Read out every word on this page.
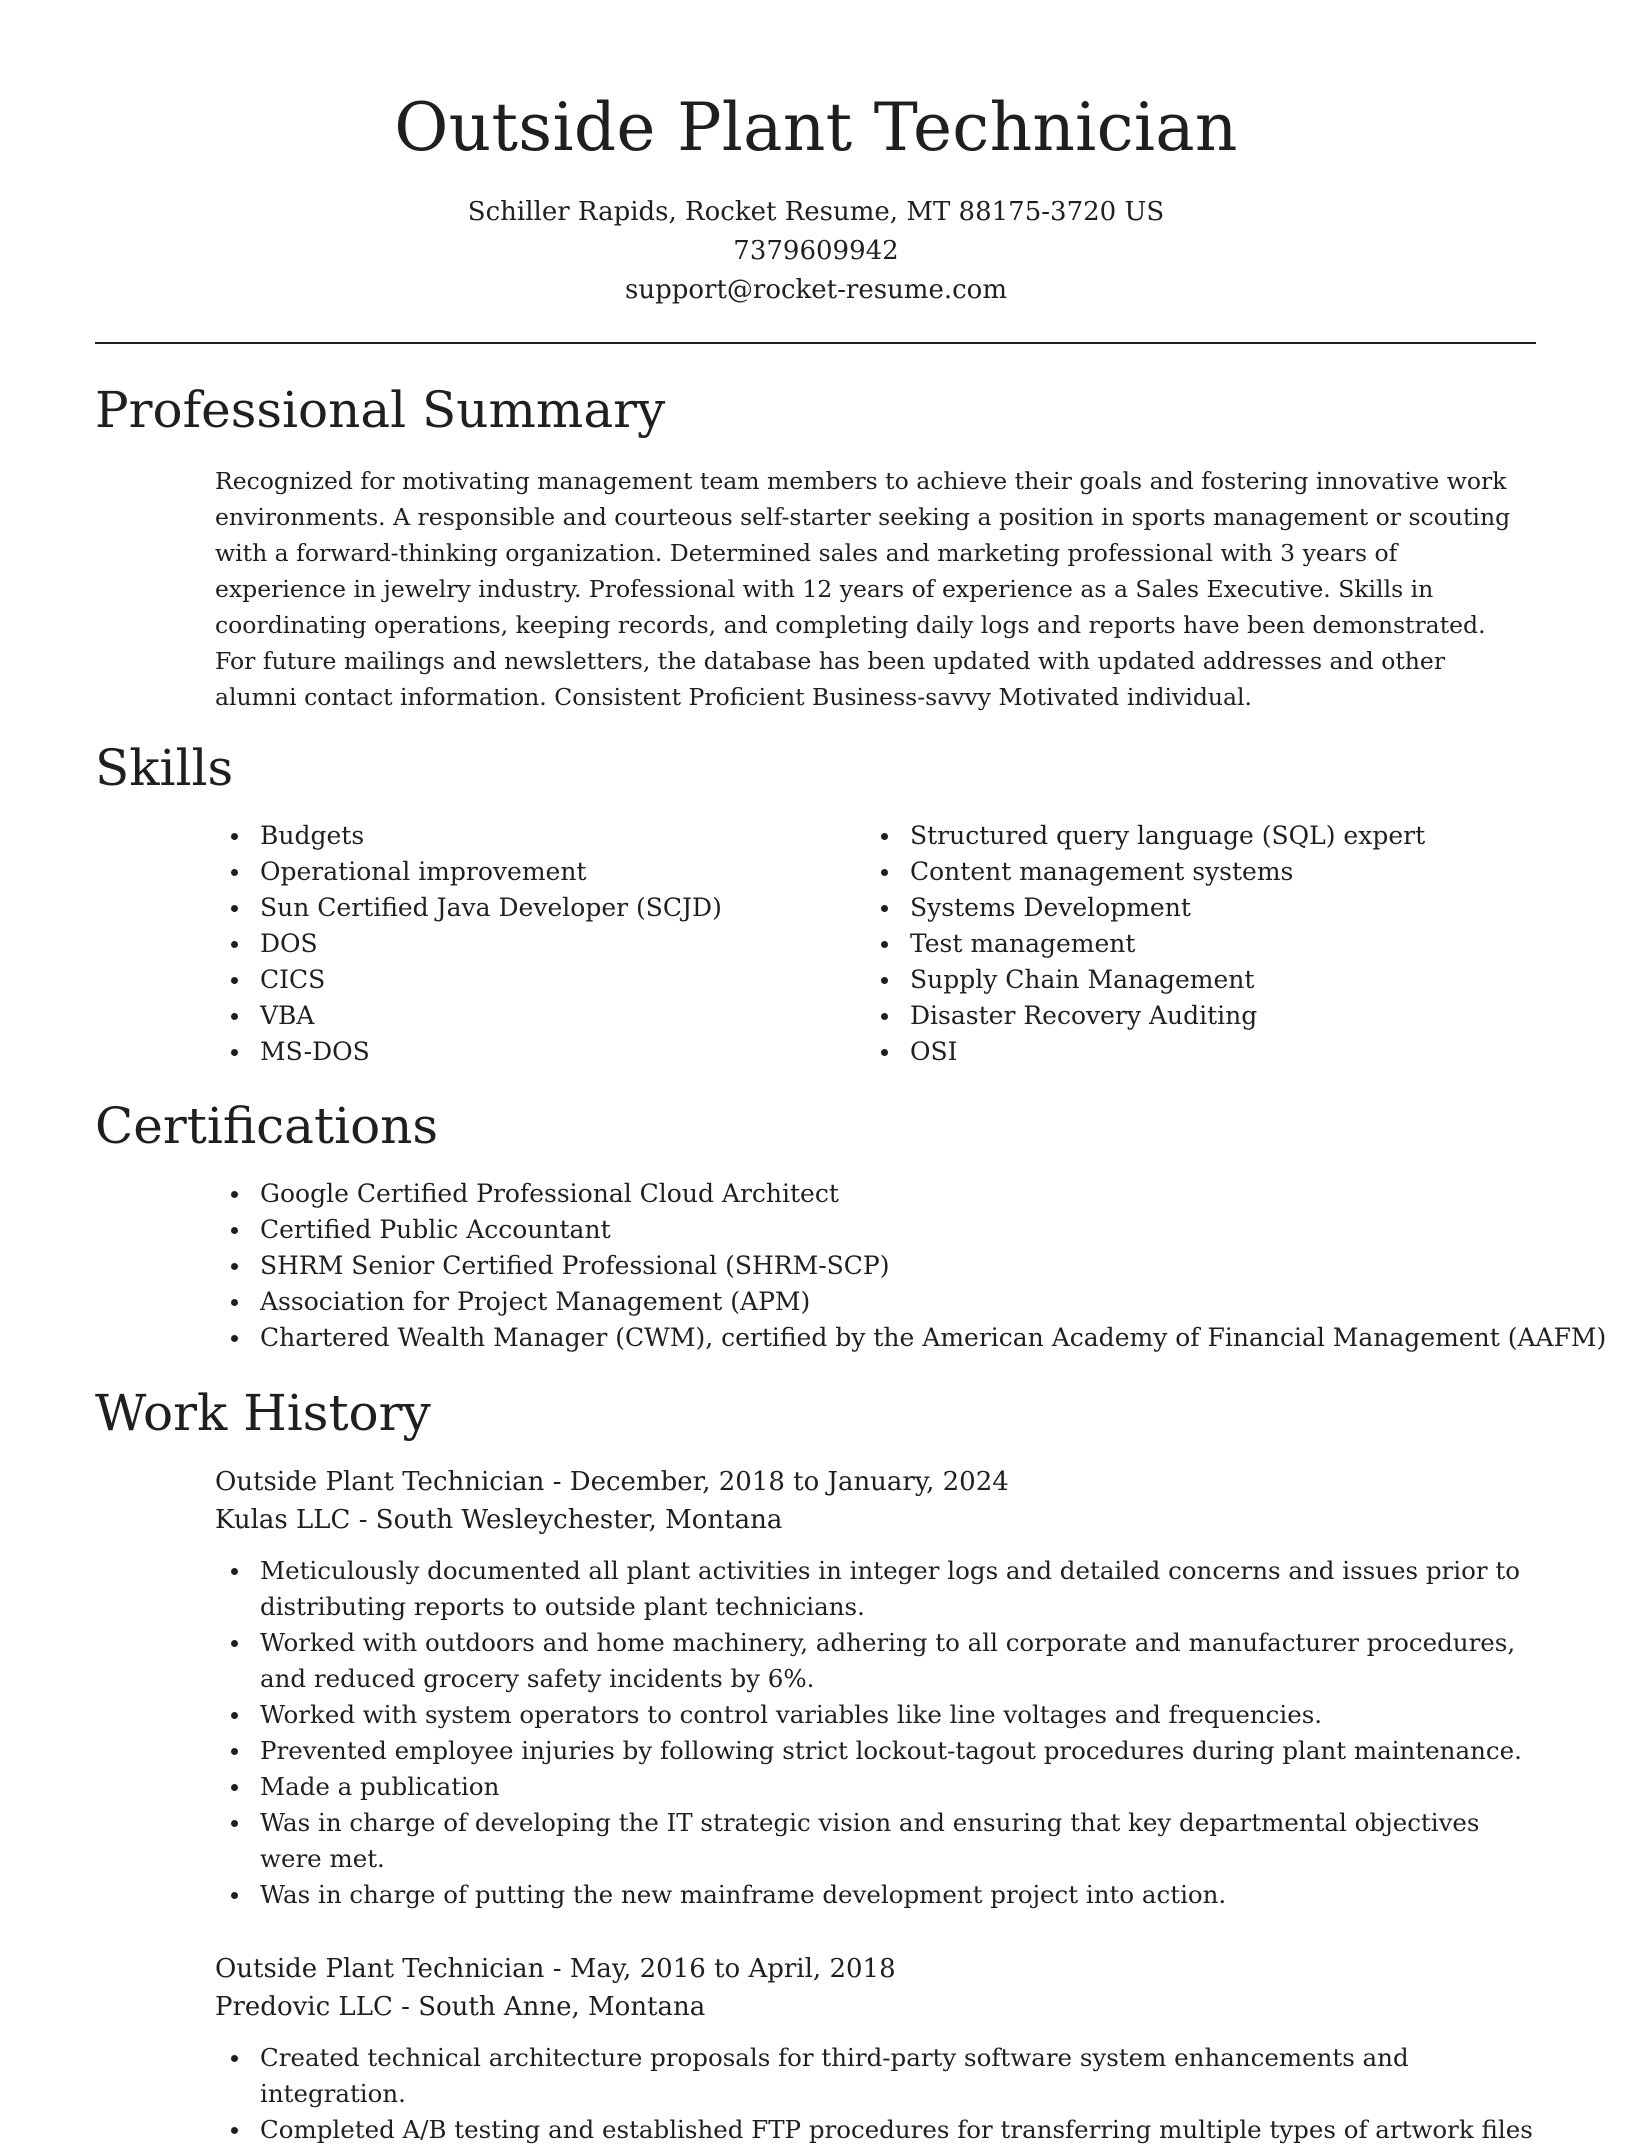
Outside Plant Technician
Schiller Rapids, Rocket Resume, MT 88175-3720 US
7379609942
support@rocket-resume.com
Professional Summary

Recognized for motivating management team members to achieve their goals and fostering innovative work environments. A responsible and courteous self-starter seeking a position in sports management or scouting with a forward-thinking organization. Determined sales and marketing professional with 3 years of experience in jewelry industry. Professional with 12 years of experience as a Sales Executive. Skills in coordinating operations, keeping records, and completing daily logs and reports have been demonstrated. For future mailings and newsletters, the database has been updated with updated addresses and other alumni contact information. Consistent Proficient Business-savvy Motivated individual.

Skills
Budgets
Operational improvement
Sun Certified Java Developer (SCJD)
DOS
CICS
VBA
MS-DOS
Structured query language (SQL) expert
Content management systems
Systems Development
Test management
Supply Chain Management
Disaster Recovery Auditing
OSI
Certifications
Google Certified Professional Cloud Architect
Certified Public Accountant
SHRM Senior Certified Professional (SHRM-SCP)
Association for Project Management (APM)
Chartered Wealth Manager (CWM), certified by the American Academy of Financial Management (AAFM)
Work History
Outside Plant Technician - December, 2018 to January, 2024
Kulas LLC - South Wesleychester, Montana
Meticulously documented all plant activities in integer logs and detailed concerns and issues prior to distributing reports to outside plant technicians.
Worked with outdoors and home machinery, adhering to all corporate and manufacturer procedures, and reduced grocery safety incidents by 6%.
Worked with system operators to control variables like line voltages and frequencies.
Prevented employee injuries by following strict lockout-tagout procedures during plant maintenance.
Made a publication
Was in charge of developing the IT strategic vision and ensuring that key departmental objectives were met.
Was in charge of putting the new mainframe development project into action.
Outside Plant Technician - May, 2016 to April, 2018
Predovic LLC - South Anne, Montana
Created technical architecture proposals for third-party software system enhancements and integration.
Completed A/B testing and established FTP procedures for transferring multiple types of artwork files
